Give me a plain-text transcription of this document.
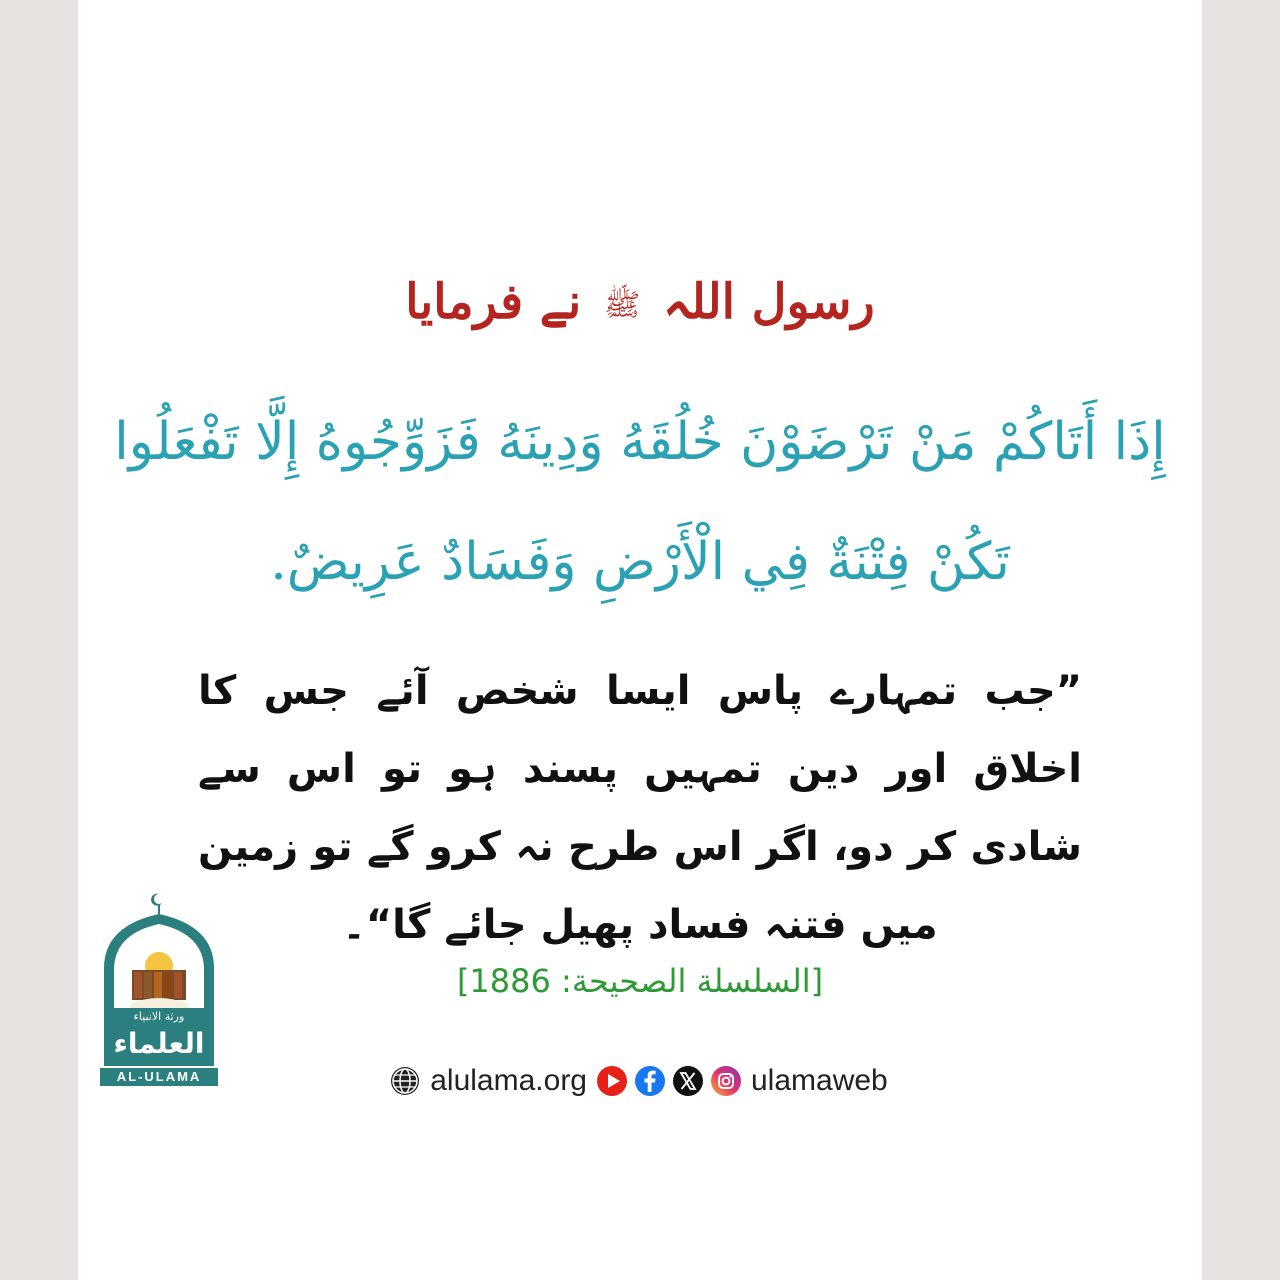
رسول اللہ ﷺ نے فرمایا
إِذَا أَتَاكُمْ مَنْ تَرْضَوْنَ خُلُقَهُ وَدِينَهُ فَزَوِّجُوهُ إِلَّا تَفْعَلُوا
تَكُنْ فِتْنَةٌ فِي الْأَرْضِ وَفَسَادٌ عَرِيضٌ.
”جب تمہارے پاس ایسا شخص آئے جس کا اخلاق اور دین تمہیں پسند ہو تو اس سے شادی کر دو، اگر اس طرح نہ کرو گے تو زمین میں فتنہ فساد پھیل جائے گا“۔
[السلسلة الصحيحة: 1886]
alulama.org	ulamaweb
ورثة الانبياء
العلماء
AL-ULAMA
